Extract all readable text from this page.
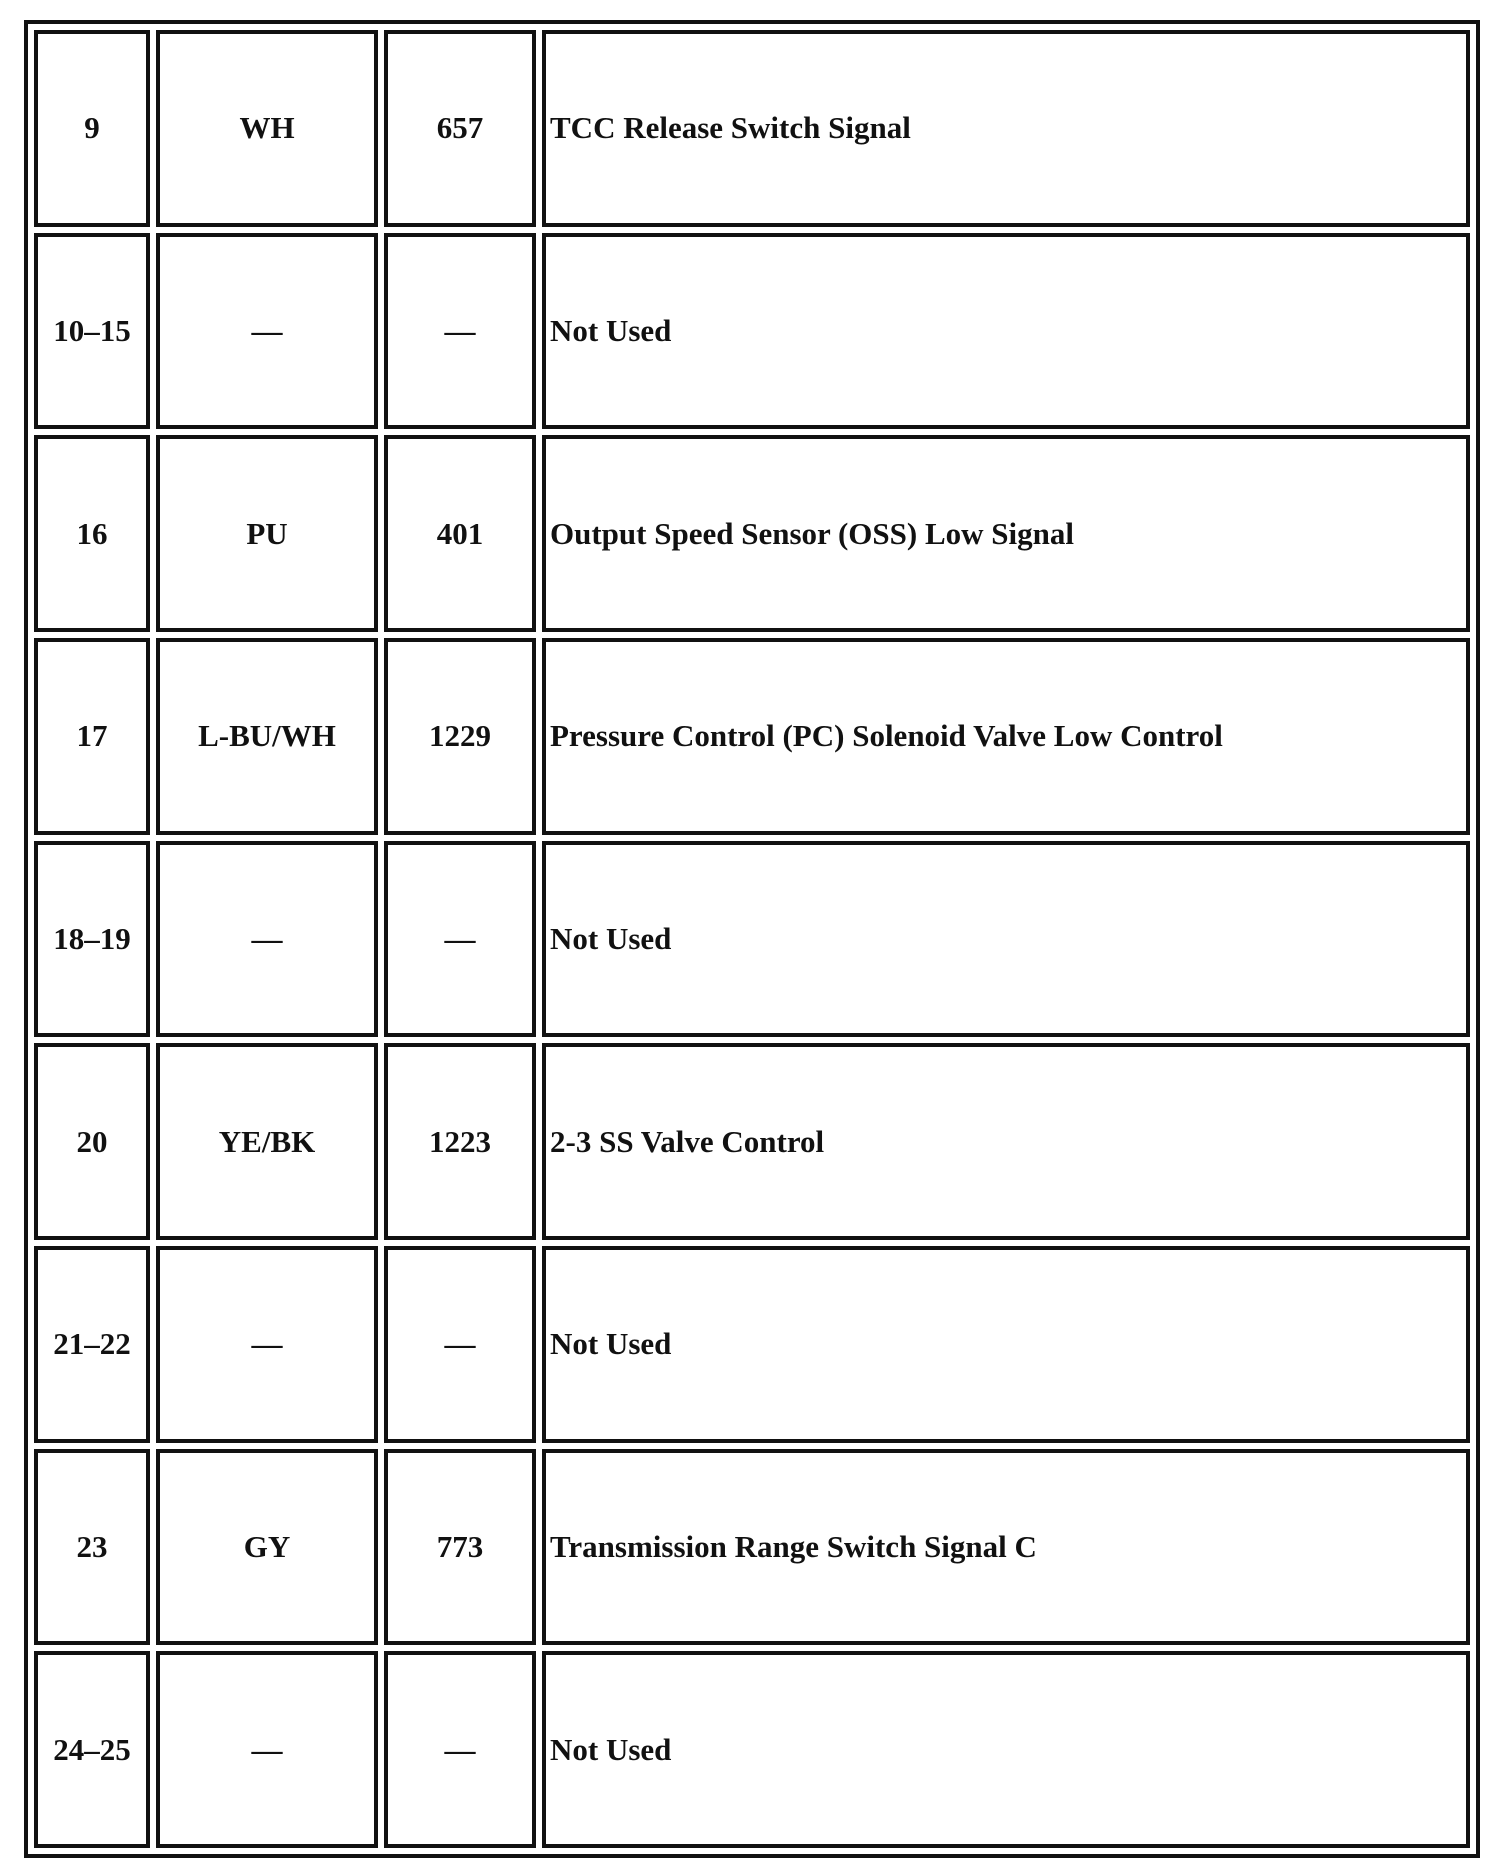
9	WH	657	TCC Release Switch Signal
10–15	—	—	Not Used
16	PU	401	Output Speed Sensor (OSS) Low Signal
17	L-BU/WH	1229	Pressure Control (PC) Solenoid Valve Low Control
18–19	—	—	Not Used
20	YE/BK	1223	2-3 SS Valve Control
21–22	—	—	Not Used
23	GY	773	Transmission Range Switch Signal C
24–25	—	—	Not Used
